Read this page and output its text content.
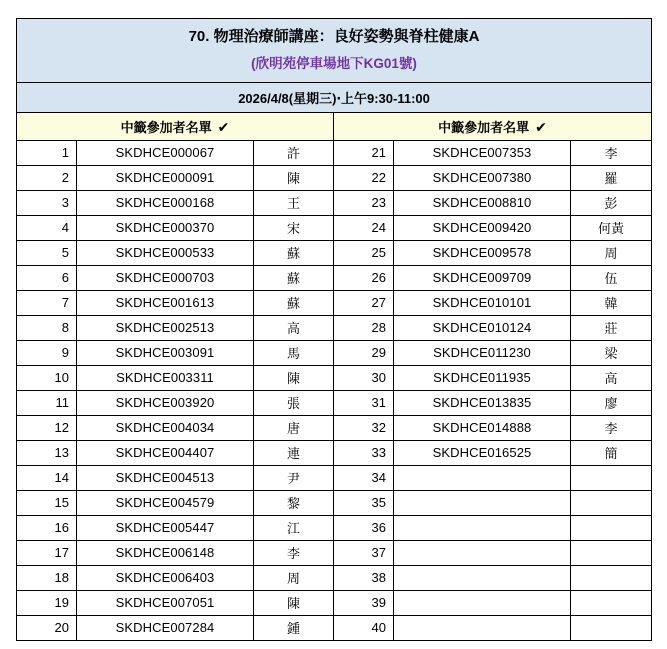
70. 物理治療師講座：良好姿勢與脊柱健康A
(欣明苑停車場地下KG01號)					

2026/4/8(星期三)‧上午9:30-11:00					
中籤參加者名單 ✔			中籤參加者名單 ✔		
1	SKDHCE000067	許	21	SKDHCE007353	李
2	SKDHCE000091	陳	22	SKDHCE007380	羅
3	SKDHCE000168	王	23	SKDHCE008810	彭
4	SKDHCE000370	宋	24	SKDHCE009420	何黃
5	SKDHCE000533	蘇	25	SKDHCE009578	周
6	SKDHCE000703	蘇	26	SKDHCE009709	伍
7	SKDHCE001613	蘇	27	SKDHCE010101	韓
8	SKDHCE002513	高	28	SKDHCE010124	莊
9	SKDHCE003091	馬	29	SKDHCE011230	梁
10	SKDHCE003311	陳	30	SKDHCE011935	高
11	SKDHCE003920	張	31	SKDHCE013835	廖
12	SKDHCE004034	唐	32	SKDHCE014888	李
13	SKDHCE004407	連	33	SKDHCE016525	簡
14	SKDHCE004513	尹	34		
15	SKDHCE004579	黎	35		
16	SKDHCE005447	江	36		
17	SKDHCE006148	李	37		
18	SKDHCE006403	周	38		
19	SKDHCE007051	陳	39		
20	SKDHCE007284	鍾	40		
